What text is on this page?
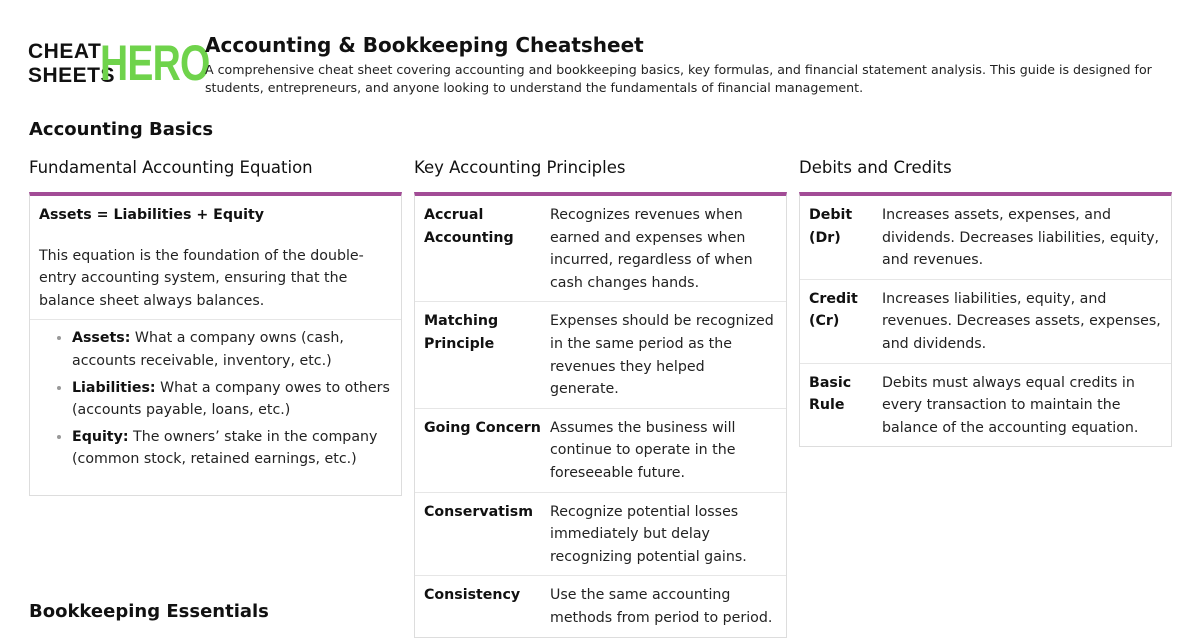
CHEAT
SHEETS
HERO
Accounting & Bookkeeping Cheatsheet
A comprehensive cheat sheet covering accounting and bookkeeping basics, key formulas, and financial statement analysis. This guide is designed for students, entrepreneurs, and anyone looking to understand the fundamentals of financial management.
Accounting Basics
Bookkeeping Essentials
Fundamental Accounting Equation
Assets = Liabilities + Equity
This equation is the foundation of the double-entry accounting system, ensuring that the balance sheet always balances.
• Assets: What a company owns (cash, accounts receivable, inventory, etc.)
• Liabilities: What a company owes to others (accounts payable, loans, etc.)
• Equity: The owners’ stake in the company (common stock, retained earnings, etc.)
Key Accounting Principles
Accrual Accounting
Recognizes revenues when earned and expenses when incurred, regardless of when cash changes hands.
Matching Principle
Expenses should be recognized in the same period as the revenues they helped generate.
Going Concern Assumes the business will continue to operate in the foreseeable future.
Conservatism	Recognize potential losses immediately but delay recognizing potential gains.
Consistency	Use the same accounting methods from period to period.
Debits and Credits
Debit (Dr)
Increases assets, expenses, and dividends. Decreases liabilities, equity, and revenues.
Credit (Cr)
Increases liabilities, equity, and revenues. Decreases assets, expenses, and dividends.
Basic Rule
Debits must always equal credits in every transaction to maintain the balance of the accounting equation.
